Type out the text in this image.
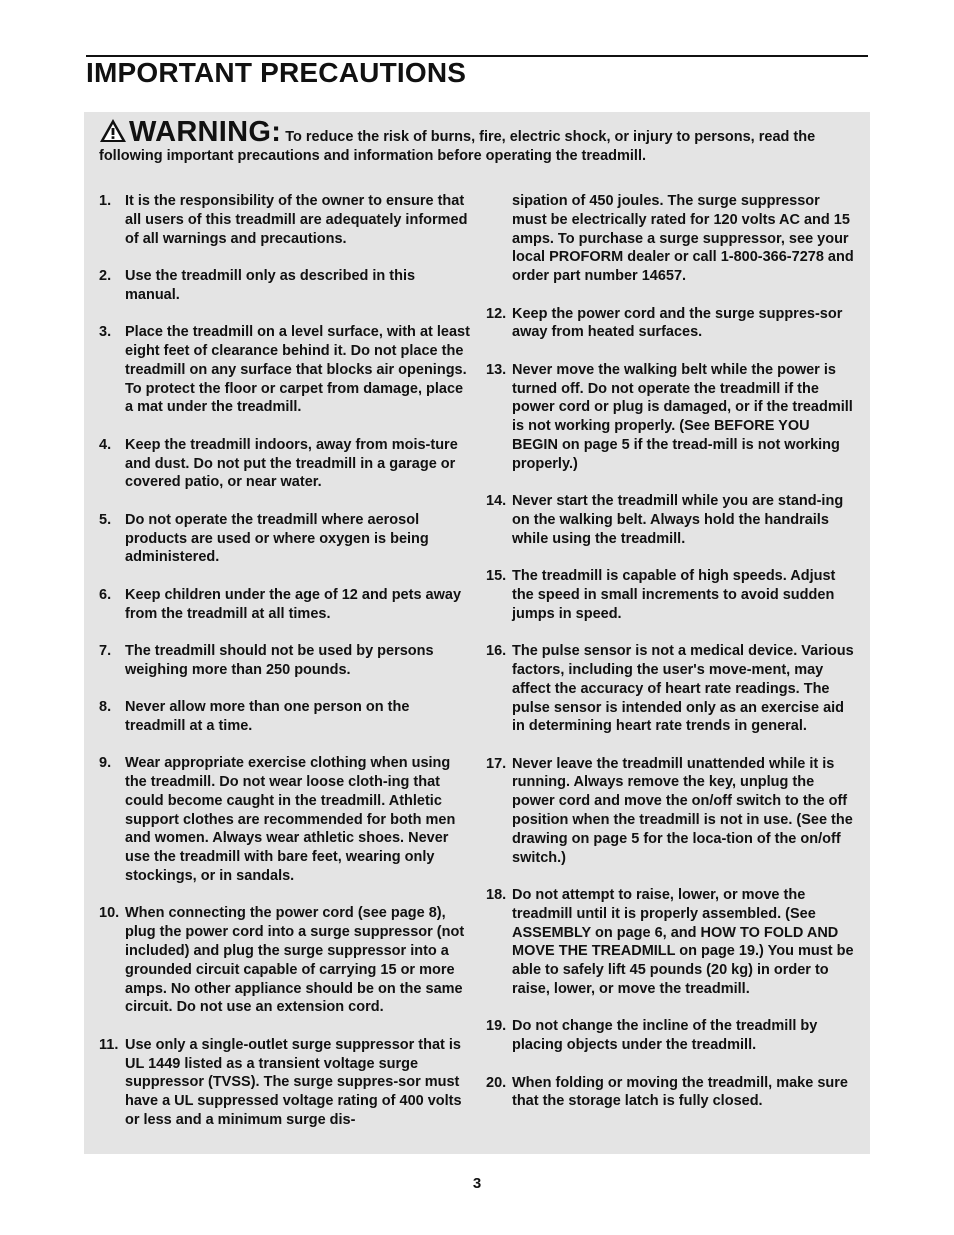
IMPORTANT PRECAUTIONS
WARNING: To reduce the risk of burns, fire, electric shock, or injury to persons, read the following important precautions and information before operating the treadmill.

1. It is the responsibility of the owner to ensure that all users of this treadmill are adequately informed of all warnings and precautions.

2. Use the treadmill only as described in this manual.

3. Place the treadmill on a level surface, with at least eight feet of clearance behind it. Do not place the treadmill on any surface that blocks air openings. To protect the floor or carpet from damage, place a mat under the treadmill.

4. Keep the treadmill indoors, away from mois-ture and dust. Do not put the treadmill in a garage or covered patio, or near water.

5. Do not operate the treadmill where aerosol products are used or where oxygen is being administered.

6. Keep children under the age of 12 and pets away from the treadmill at all times.

7. The treadmill should not be used by persons weighing more than 250 pounds.

8. Never allow more than one person on the treadmill at a time.

9. Wear appropriate exercise clothing when using the treadmill. Do not wear loose cloth-ing that could become caught in the treadmill. Athletic support clothes are recommended for both men and women. Always wear athletic shoes. Never use the treadmill with bare feet, wearing only stockings, or in sandals.

10. When connecting the power cord (see page 8), plug the power cord into a surge suppressor (not included) and plug the surge suppressor into a grounded circuit capable of carrying 15 or more amps. No other appliance should be on the same circuit. Do not use an extension cord.

11. Use only a single-outlet surge suppressor that is UL 1449 listed as a transient voltage surge suppressor (TVSS). The surge suppres-sor must have a UL suppressed voltage rating of 400 volts or less and a minimum surge dis-

sipation of 450 joules. The surge suppressor must be electrically rated for 120 volts AC and 15 amps. To purchase a surge suppressor, see your local PROFORM dealer or call 1-800-366-7278 and order part number 14657.

12. Keep the power cord and the surge suppres-sor away from heated surfaces.

13. Never move the walking belt while the power is turned off. Do not operate the treadmill if the power cord or plug is damaged, or if the treadmill is not working properly. (See BEFORE YOU BEGIN on page 5 if the tread-mill is not working properly.)

14. Never start the treadmill while you are stand-ing on the walking belt. Always hold the handrails while using the treadmill.

15. The treadmill is capable of high speeds. Adjust the speed in small increments to avoid sudden jumps in speed.

16. The pulse sensor is not a medical device. Various factors, including the user's move-ment, may affect the accuracy of heart rate readings. The pulse sensor is intended only as an exercise aid in determining heart rate trends in general.

17. Never leave the treadmill unattended while it is running. Always remove the key, unplug the power cord and move the on/off switch to the off position when the treadmill is not in use. (See the drawing on page 5 for the loca-tion of the on/off switch.)

18. Do not attempt to raise, lower, or move the treadmill until it is properly assembled. (See ASSEMBLY on page 6, and HOW TO FOLD AND MOVE THE TREADMILL on page 19.) You must be able to safely lift 45 pounds (20 kg) in order to raise, lower, or move the treadmill.

19. Do not change the incline of the treadmill by placing objects under the treadmill.

20. When folding or moving the treadmill, make sure that the storage latch is fully closed.

3
